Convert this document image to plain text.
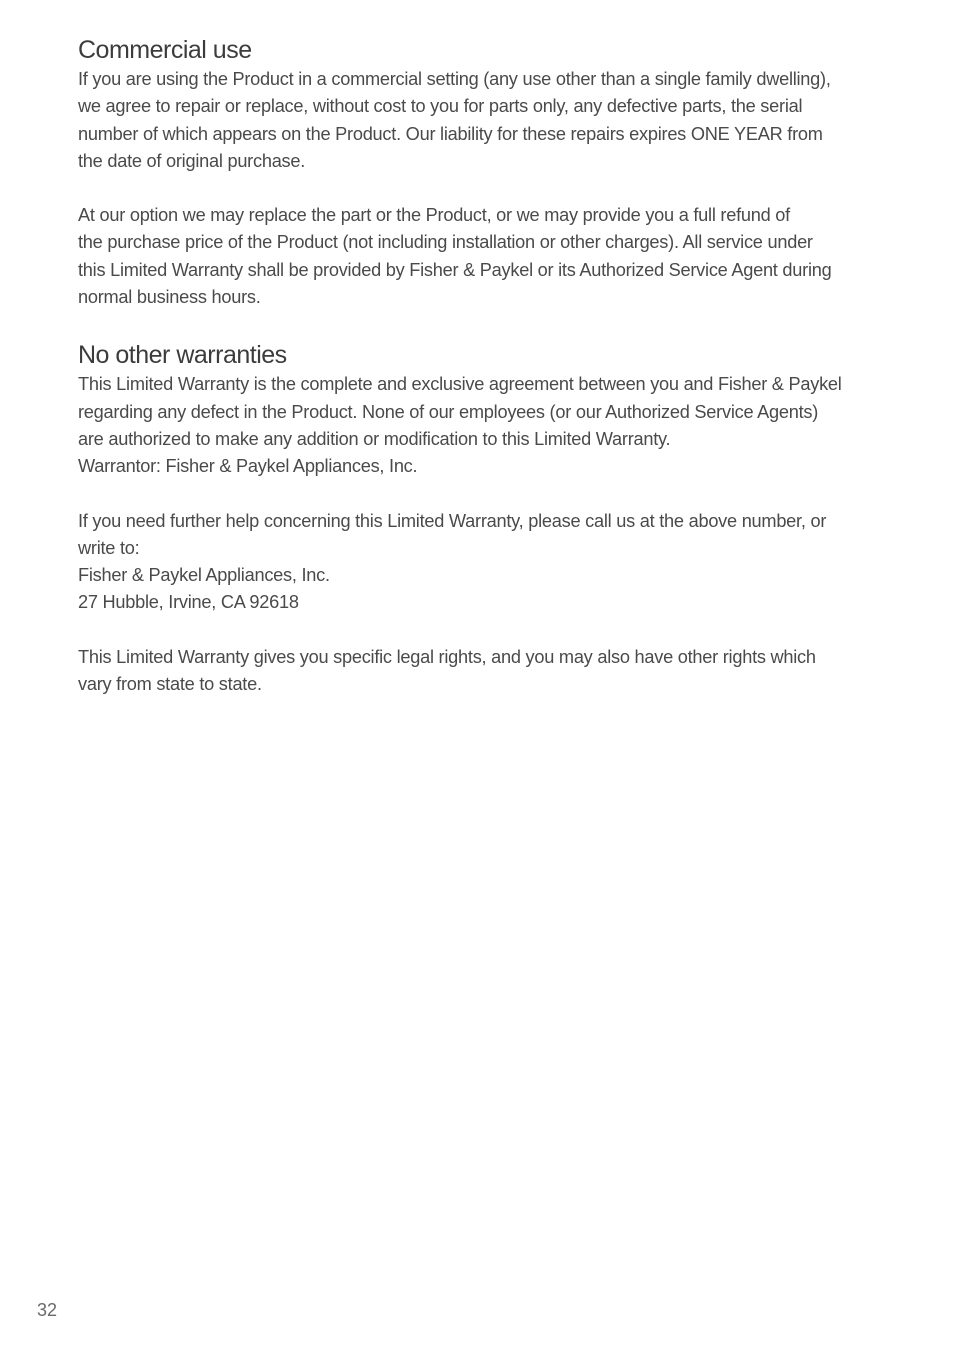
Commercial use

If you are using the Product in a commercial setting (any use other than a single family dwelling),
we agree to repair or replace, without cost to you for parts only, any defective parts, the serial
number of which appears on the Product. Our liability for these repairs expires ONE YEAR from
the date of original purchase.

At our option we may replace the part or the Product, or we may provide you a full refund of
the purchase price of the Product (not including installation or other charges). All service under
this Limited Warranty shall be provided by Fisher & Paykel or its Authorized Service Agent during
normal business hours.

No other warranties

This Limited Warranty is the complete and exclusive agreement between you and Fisher & Paykel
regarding any defect in the Product. None of our employees (or our Authorized Service Agents)
are authorized to make any addition or modification to this Limited Warranty.
Warrantor: Fisher & Paykel Appliances, Inc.

If you need further help concerning this Limited Warranty, please call us at the above number, or
write to:
Fisher & Paykel Appliances, Inc.
27 Hubble, Irvine, CA 92618

This Limited Warranty gives you specific legal rights, and you may also have other rights which
vary from state to state.

32
